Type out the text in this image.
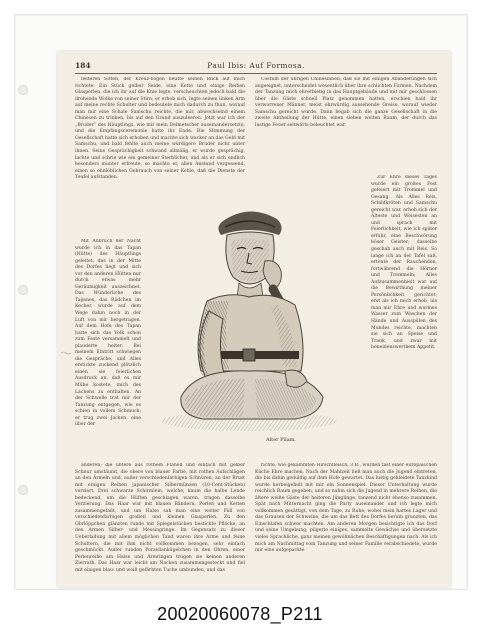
184	Paul Ibis: Auf Formosa.

festeren Sitten, der Kreuz-bogen heutte seinen Blick auf mich richtete. Ein Stück gelber Seide, eine Kette und einige Reihen Glasperlen, die ich ihr auf die Knie legte, verscheuchten jedoch bald die drohende Wolke von seiner Stirn; er erhob sich, legte seinen linken Arm auf meine rechte Schulter und bedeutete mich dadurch zu thun, worauf man mir eine Schale Samschu reichte, die mir, abwechselnd einem Chinesen zu trinken, bis auf den Grund auszuleeren. Jetzt war ich der „Bruder“ des Häuptlings, wie mir mein Dolmetscher auseinandersetzte, und die Empfangsceremonie hatte ihr Ende. Die Stimmung der Gesellschaft hatte sich erhoben und machte sich wacker an das Geld mit Samschu, und bald fehlte auch meine würdigere Bruder nicht unter ihnen. Seine Gesprächigkeit schwand allmälig, er wurde gesprächig, lachte und schrie wie ein gemeiner Sterblicher, und als er sich endlich besonders munter erfreute, so machte er, allen Anstand vergessend, einen so ohnlöblichen Gebrauch von seiner Kehle, daß die Dienste der Teufel aufstanden.

Costüm der übrigen Chinesinnen, daß sie mit einigen Abänderungen sich angeeignet, unterscheidet wesentlich über ihre schlichten Formen. Nachdem der Tanzung mich ehrerbietig in das Hauptgebäude und mit mir geschlossen über die Gäste schnell Platz genommen hatten, erschien bald ihr verworrener Männer, meist ehrwürdig aussehende Greise, worauf wieder Samschu gereicht wurde. Dann begab sich die ganze Gesellschaft in die zweite Abtheilung der Hütte, einen sieben weiten Raum, der durch das lustige Feuer seitwärts beleuchtet war.

Mit Anbruch der Nacht wurde ich in das Tapan (Hütte) des Häuptlings geleitet, das in der Mitte des Dorfes liegt und sich vor den anderen Hütten nur durch etwas mehr Geräumigkeit auszeichnet. Das Wünderliche des Tapanes, das Rädchen im Kecher, wurde auf dem Wege dahin noch in der Luft von mir hergetragen. Auf dem Hofe des Tapan hatte sich das Volk schon zum Feste versammelt und plauderte heiter. Bei meinem Eintritt schwiegen die Gespräche, und Alles erstickte zuckend plötzlich einen sie feierlichen Ausdruck an, daß es mir Mühe kostete, mich des Lachens zu enthalten. An der Schwelle trat mir der Tanzung entgegen, wie es schien in vollem Schmuck; er trug zwei Jacken, eine über der

Zur Ehre dieses Tages wurde ein großes Fest gefeiert mit Trommel und Gesang. Als Alles Reis, Schildkröten und Samschu gereicht war, erhob sich der Älteste und Weisesten an und sprach mit Feierlichkeit, wie ich später erfuhr, eine Beschwörung böser Geister; dasselbe geschah auch mit Reis. So lange ich an der Tafel saß, ertönte der Rauchenden, fortwährend die Hörner und Trommeln; Alles Aufzusammenhielt war auf die Bewirthung meiner Persönlichkeit gerichtet; erst als ich mich erhob, als man mir Ehre und warmes Wasser zum Waschen der Hände und Ausspülen des Mundes reichte, machten sie sich an Speise und Trank, und zwar mit beneidenswerthem Appetit.

anderen; die untere aus rothem Flanell und einfach mit gelber Schnur umstäumt, die obere von blauer Farbe, mit rothen Aufschlägen an den Ärmeln und, außer verschiedenfarbigen Schnüren, an der Brust mit einigen Reihen japanischer Silbermünzen (10-Cent-Stücken) verziert. Drei schwarze Schirmlein, welche, kaum die halbe Lende bedeckend, um die Hüften geschlagen waren, trugen dasselbe Verzierung. Das Haar war mit blauen Bändern, Perlen und Ketten zusammengefaßt, und um Halse sah man eine weiter Fall von verschiedenfarbigen großen und kleinen Glasperlen. Zu den Obrlöppchen glänzten runde mit Spiegelstücken bestickte Pflöcke, an den Armen Silber- und Messingringe. Im Gegensatz zu dieser Ueberladung mit allem möglichen Tand waren ihre Arme und feine Schultern, die mit ihm nicht vollkommen bezogen, sehr einfach geschmückt. Außer runden Porzellankügelchen in den Ohren, einer Perlenreihe am Halse und Armringen trugen sie keinen anderen Zierrath. Das Haar war leicht am Nacken zusammengesteckt und fiel mit einigen blau- und weiß gefärbten Tuche umbunden, und das

richte, wie gekämmten Hirschfleisch, 3 B., wurden fast einer europäischen Küche Ehre machen. Nach der Mahlzeit ließ man auch die Jugend eintreten, die bis dahin geduldig auf dem Hofe gewartet. Das lustig gekleidete Tanzkind wurde herbeigeholt mit mir ein Sonnenspiel. Dieser Unterhaltung wurde reichlich Raum gegeben, und so nahm sich die Jugend in mehrere Reihen, die ältere weiße Gäste der heiteren Jünglinge, tanzend nicht ebenso zusammen. Spät nach Mitternacht ging die Party auseinander und ich legte mich vollkommen gesättigt, von dem Tage, zu Ruhe; wobei mein hartes Lager und das Grausen der Schweine, die um das Bett des Dorfes herum grunzten, das Einschlafen schwer machten. Am anderen Morgen besichtigte ich das Dorf und seine Umgebung, pilgerte einiges, sammelte Gewächse und übersetzte vieles Sprachliche, ganz meinen gewöhnlichen Beschäftigungen nach. Als ich mich am Nachmittag vom Tanzung und seiner Familie verabschiedete, wurde mir eine aufgepackte

Alter Pilam.
20020060078_P211
